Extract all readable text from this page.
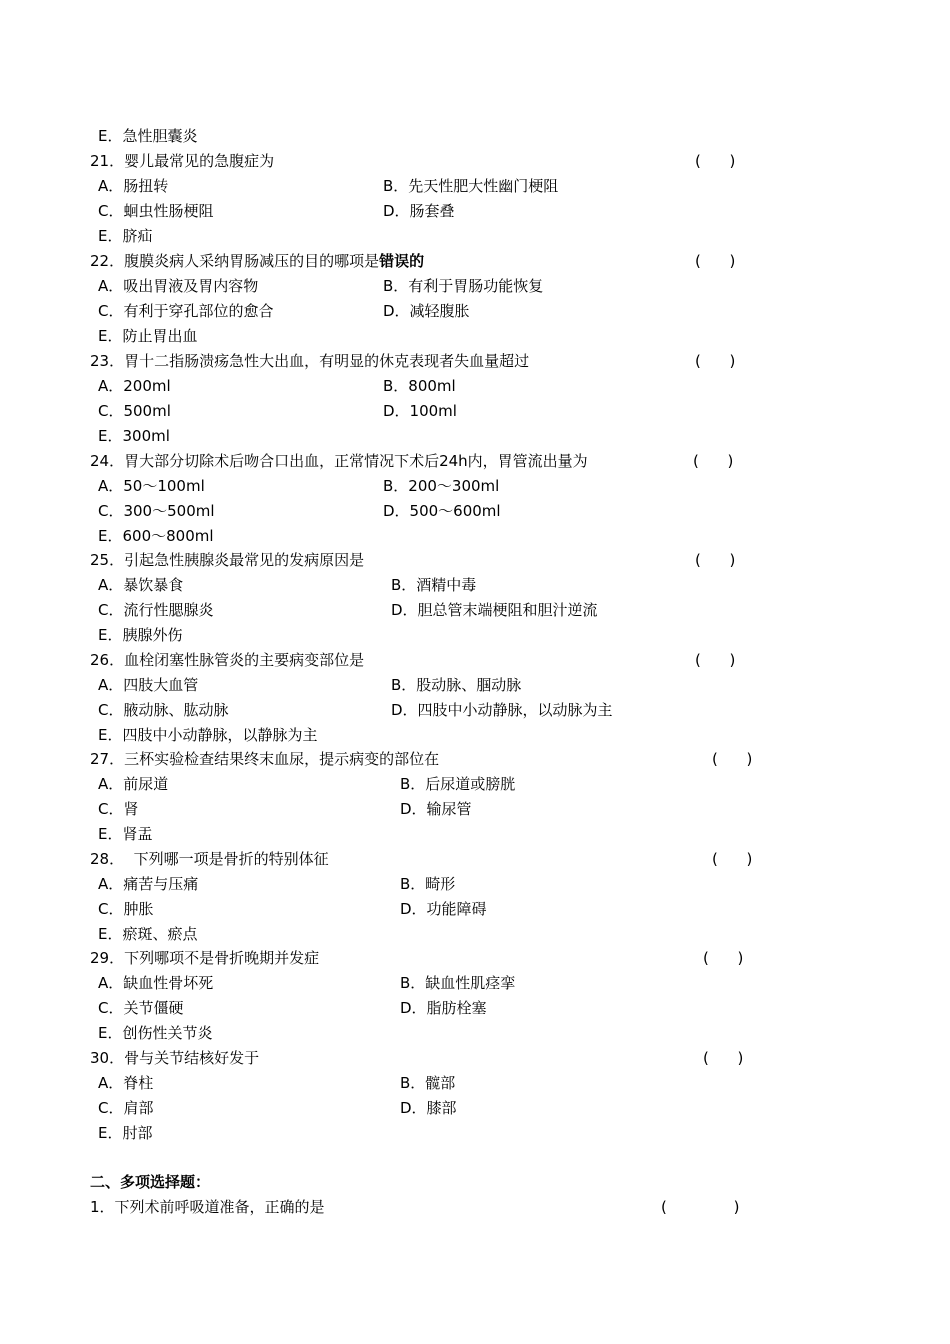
E．急性胆囊炎
21．婴儿最常见的急腹症为	(      )
A．肠扭转	B．先天性肥大性幽门梗阻
C．蛔虫性肠梗阻	D．肠套叠
E．脐疝
22．腹膜炎病人采纳胃肠减压的目的哪项是错误的	(      )
A．吸出胃液及胃内容物	B．有利于胃肠功能恢复
C．有利于穿孔部位的愈合	D．减轻腹胀
E．防止胃出血
23．胃十二指肠溃疡急性大出血，有明显的休克表现者失血量超过	(      )
A．200ml	B．800ml
C．500ml	D．100ml
E．300ml
24．胃大部分切除术后吻合口出血，正常情况下术后24h内，胃管流出量为	(      )
A．50～100ml	B．200～300ml
C．300～500ml	D．500～600ml
E．600～800ml
25．引起急性胰腺炎最常见的发病原因是	(      )
A．暴饮暴食	B．酒精中毒
C．流行性腮腺炎	D．胆总管末端梗阻和胆汁逆流
E．胰腺外伤
26．血栓闭塞性脉管炎的主要病变部位是	(      )
A．四肢大血管	B．股动脉、腘动脉
C．腋动脉、肱动脉	D．四肢中小动静脉，以动脉为主
E．四肢中小动静脉，以静脉为主
27．三杯实验检查结果终末血尿，提示病变的部位在	(      )
A．前尿道	B．后尿道或膀胱
C．肾	D．输尿管
E．肾盂
28．  下列哪一项是骨折的特别体征	(      )
A．痛苦与压痛	B．畸形
C．肿胀	D．功能障碍
E．瘀斑、瘀点
29．下列哪项不是骨折晚期并发症	(      )
A．缺血性骨坏死	B．缺血性肌痉挛
C．关节僵硬	D．脂肪栓塞
E．创伤性关节炎
30．骨与关节结核好发于	(      )
A．脊柱	B．髋部
C．肩部	D．膝部
E．肘部
二、多项选择题：
1．下列术前呼吸道准备，正确的是	(              )
